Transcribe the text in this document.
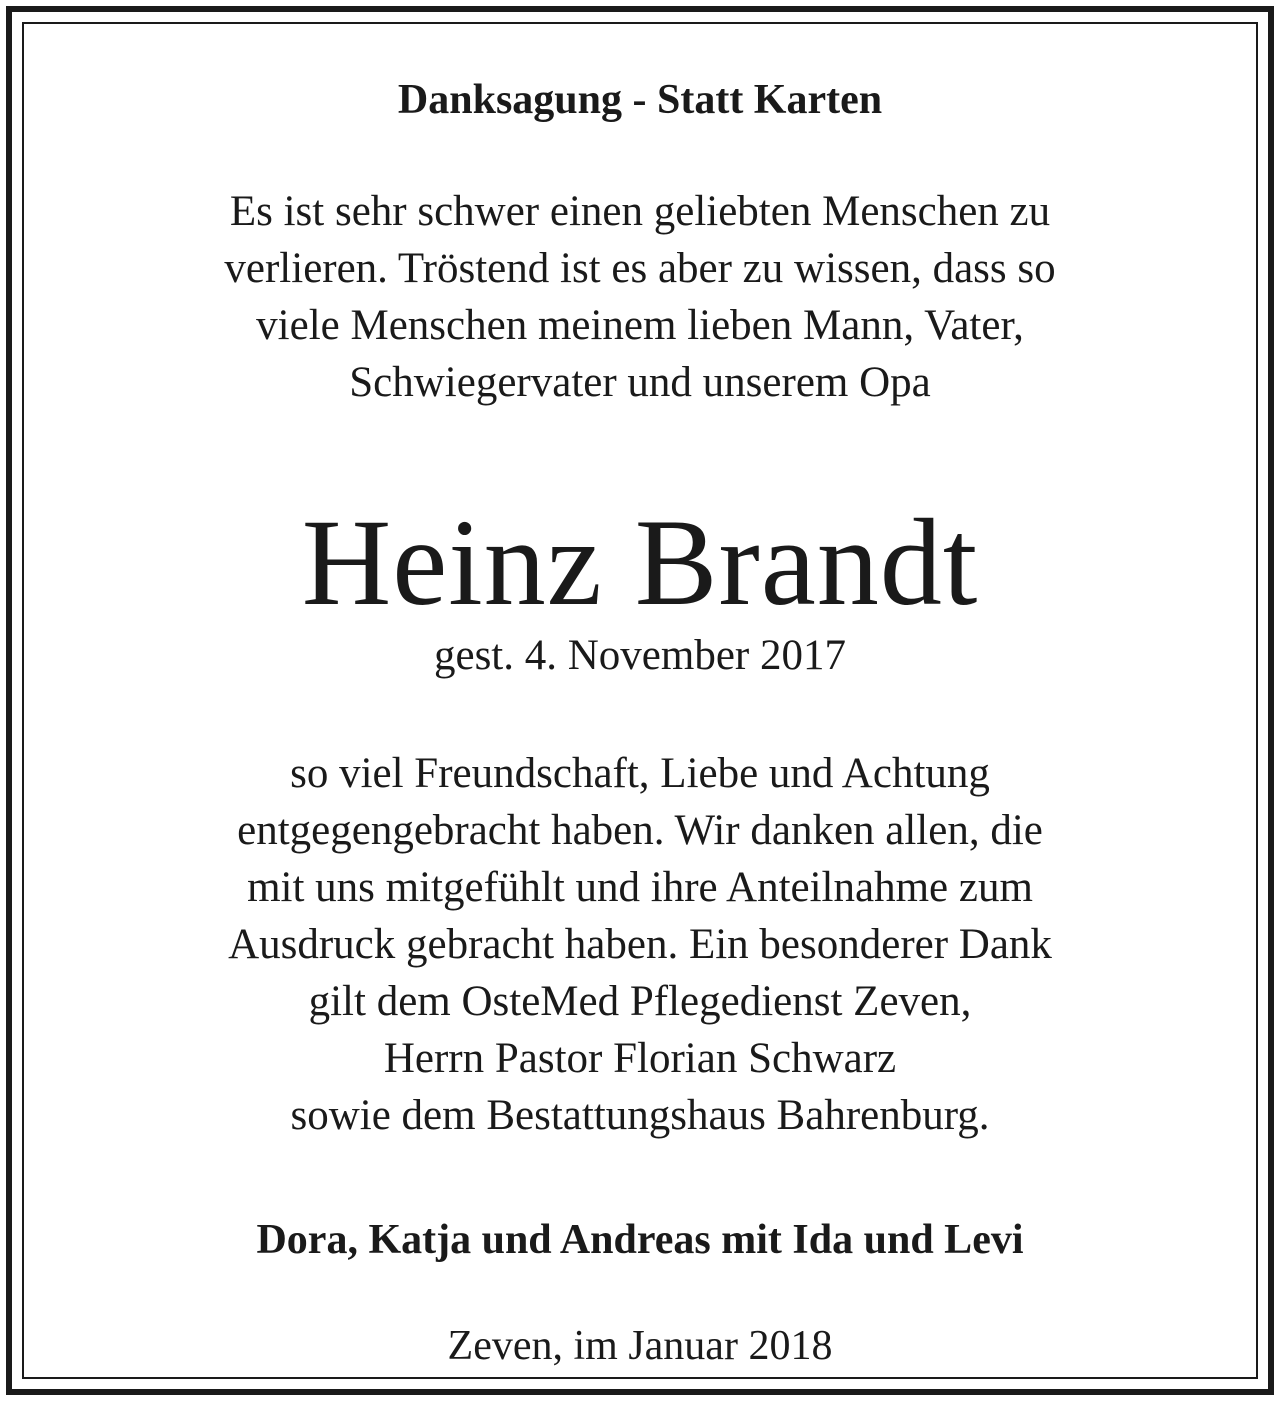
Danksagung - Statt Karten
Es ist sehr schwer einen geliebten Menschen zu
verlieren. Tröstend ist es aber zu wissen, dass so
viele Menschen meinem lieben Mann, Vater,
Schwiegervater und unserem Opa
Heinz Brandt
gest. 4. November 2017
so viel Freundschaft, Liebe und Achtung
entgegengebracht haben. Wir danken allen, die
mit uns mitgefühlt und ihre Anteilnahme zum
Ausdruck gebracht haben. Ein besonderer Dank
gilt dem OsteMed Pflegedienst Zeven,
Herrn Pastor Florian Schwarz
sowie dem Bestattungshaus Bahrenburg.
Dora, Katja und Andreas mit Ida und Levi
Zeven, im Januar 2018
